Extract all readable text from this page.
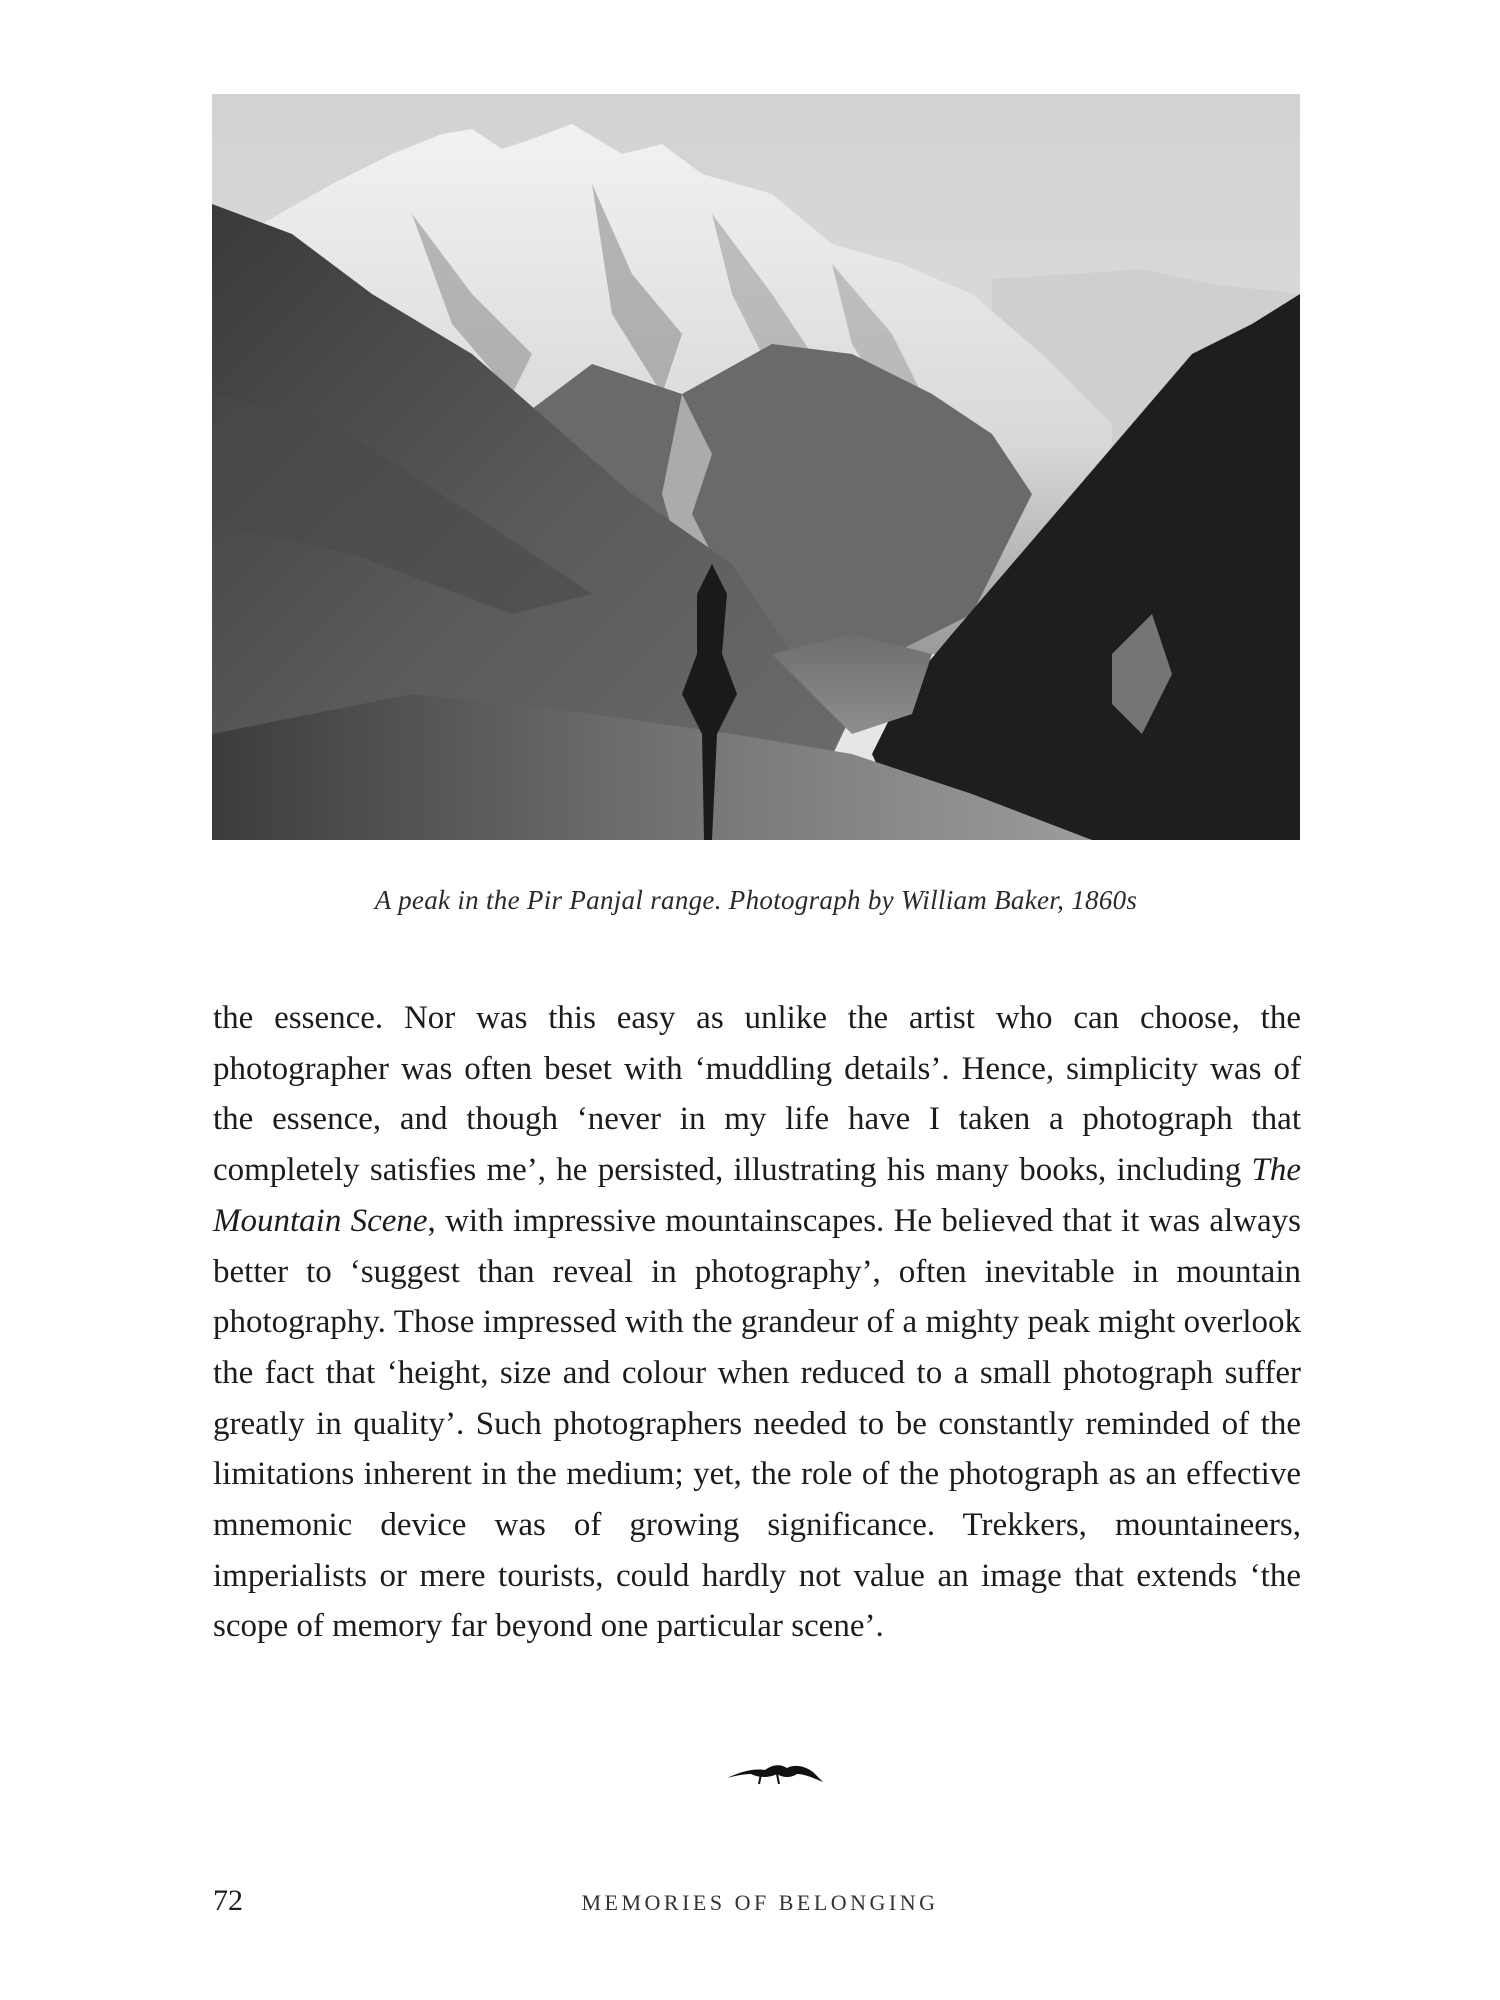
A peak in the Pir Panjal range. Photograph by William Baker, 1860s

the essence. Nor was this easy as unlike the artist who can choose, the photographer was often beset with ‘muddling details’. Hence, simplicity was of the essence, and though ‘never in my life have I taken a photograph that completely satisfies me’, he persisted, illustrating his many books, including The Mountain Scene, with impressive mountainscapes. He believed that it was always better to ‘suggest than reveal in photography’, often inevitable in mountain photography. Those impressed with the grandeur of a mighty peak might overlook the fact that ‘height, size and colour when reduced to a small photograph suffer greatly in quality’. Such photographers needed to be constantly reminded of the limitations inherent in the medium; yet, the role of the photograph as an effective mnemonic device was of growing significance. Trekkers, mountaineers, imperialists or mere tourists, could hardly not value an image that extends ‘the scope of memory far beyond one particular scene’.

72	MEMORIES OF BELONGING
